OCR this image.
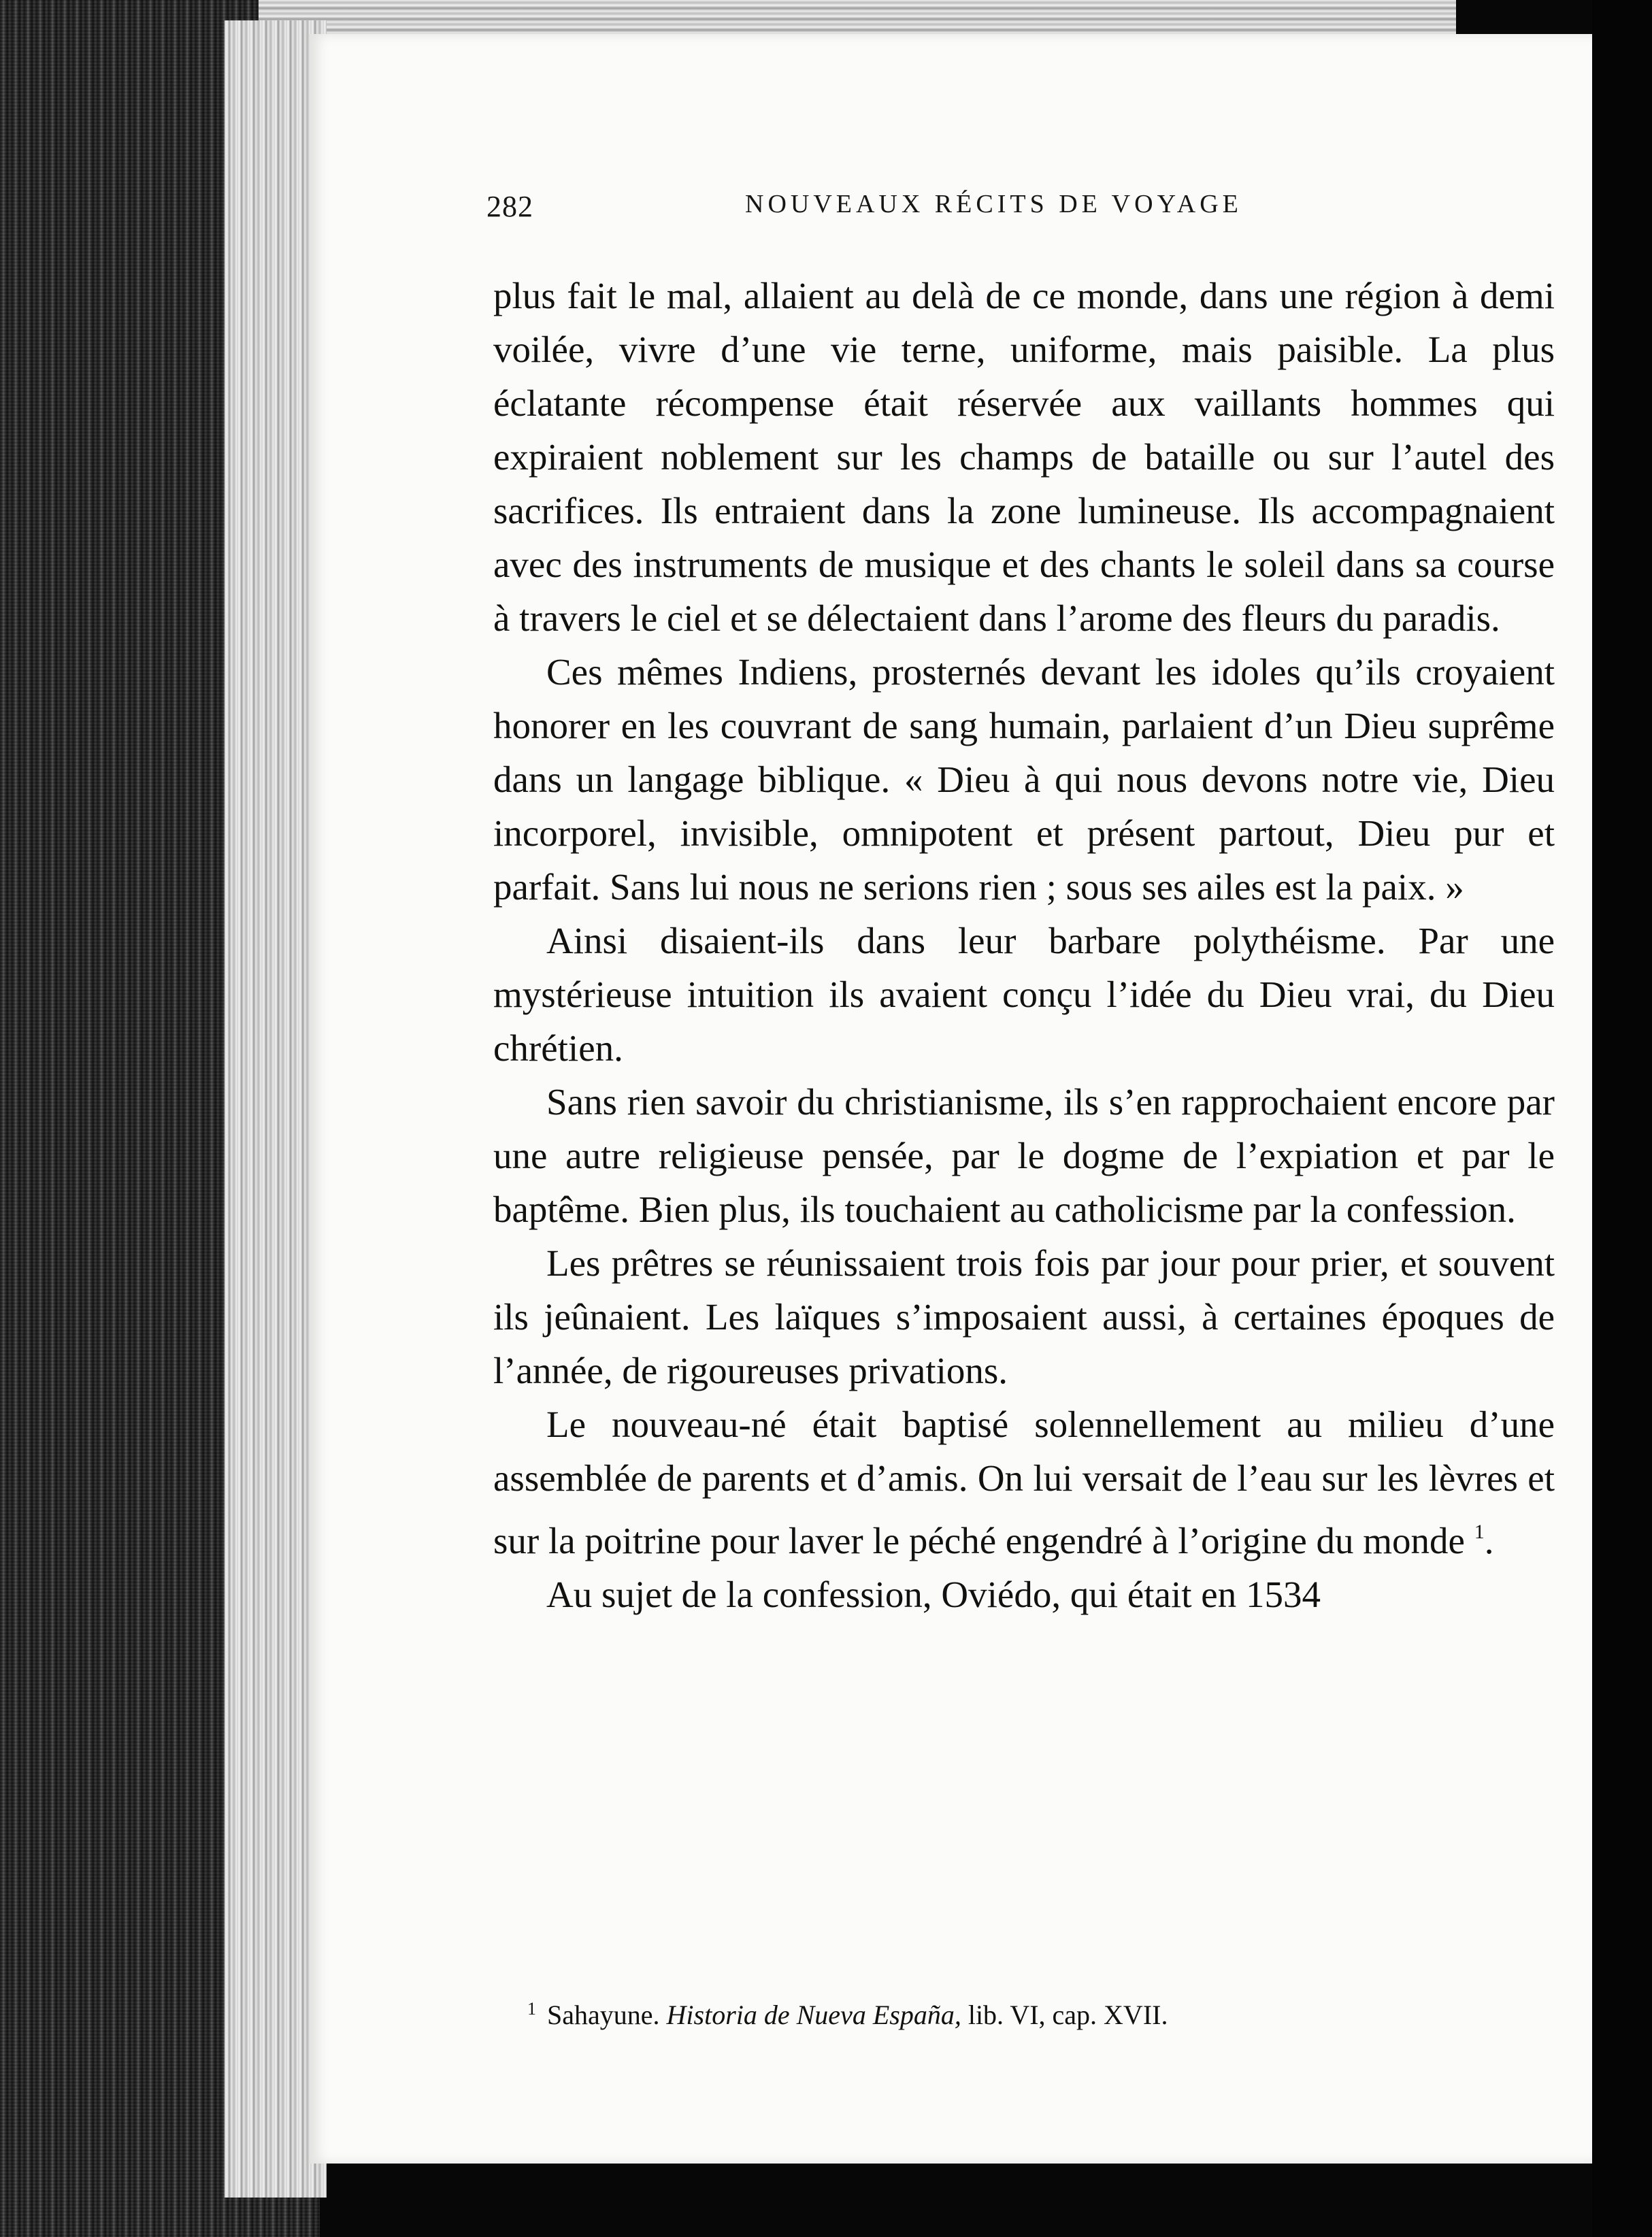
282	NOUVEAUX RÉCITS DE VOYAGE

plus fait le mal, allaient au delà de ce monde, dans une région à demi voilée, vivre d’une vie terne, uniforme, mais paisible. La plus éclatante récompense était réservée aux vaillants hommes qui expiraient noblement sur les champs de bataille ou sur l’autel des sacrifices. Ils entraient dans la zone lumineuse. Ils accompagnaient avec des instruments de musique et des chants le soleil dans sa course à travers le ciel et se délectaient dans l’arome des fleurs du paradis.

Ces mêmes Indiens, prosternés devant les idoles qu’ils croyaient honorer en les couvrant de sang humain, parlaient d’un Dieu suprême dans un langage biblique. « Dieu à qui nous devons notre vie, Dieu incorporel, invisible, omnipotent et présent partout, Dieu pur et parfait. Sans lui nous ne serions rien ; sous ses ailes est la paix. »

Ainsi disaient-ils dans leur barbare polythéisme. Par une mystérieuse intuition ils avaient conçu l’idée du Dieu vrai, du Dieu chrétien.

Sans rien savoir du christianisme, ils s’en rapprochaient encore par une autre religieuse pensée, par le dogme de l’expiation et par le baptême. Bien plus, ils touchaient au catholicisme par la confession.

Les prêtres se réunissaient trois fois par jour pour prier, et souvent ils jeûnaient. Les laïques s’imposaient aussi, à certaines époques de l’année, de rigoureuses privations.

Le nouveau-né était baptisé solennellement au milieu d’une assemblée de parents et d’amis. On lui versait de l’eau sur les lèvres et sur la poitrine pour laver le péché engendré à l’origine du monde $^1$.

Au sujet de la confession, Oviédo, qui était en 1534

$^1$ Sahayune. Historia de Nueva España, lib. VI, cap. XVII.
